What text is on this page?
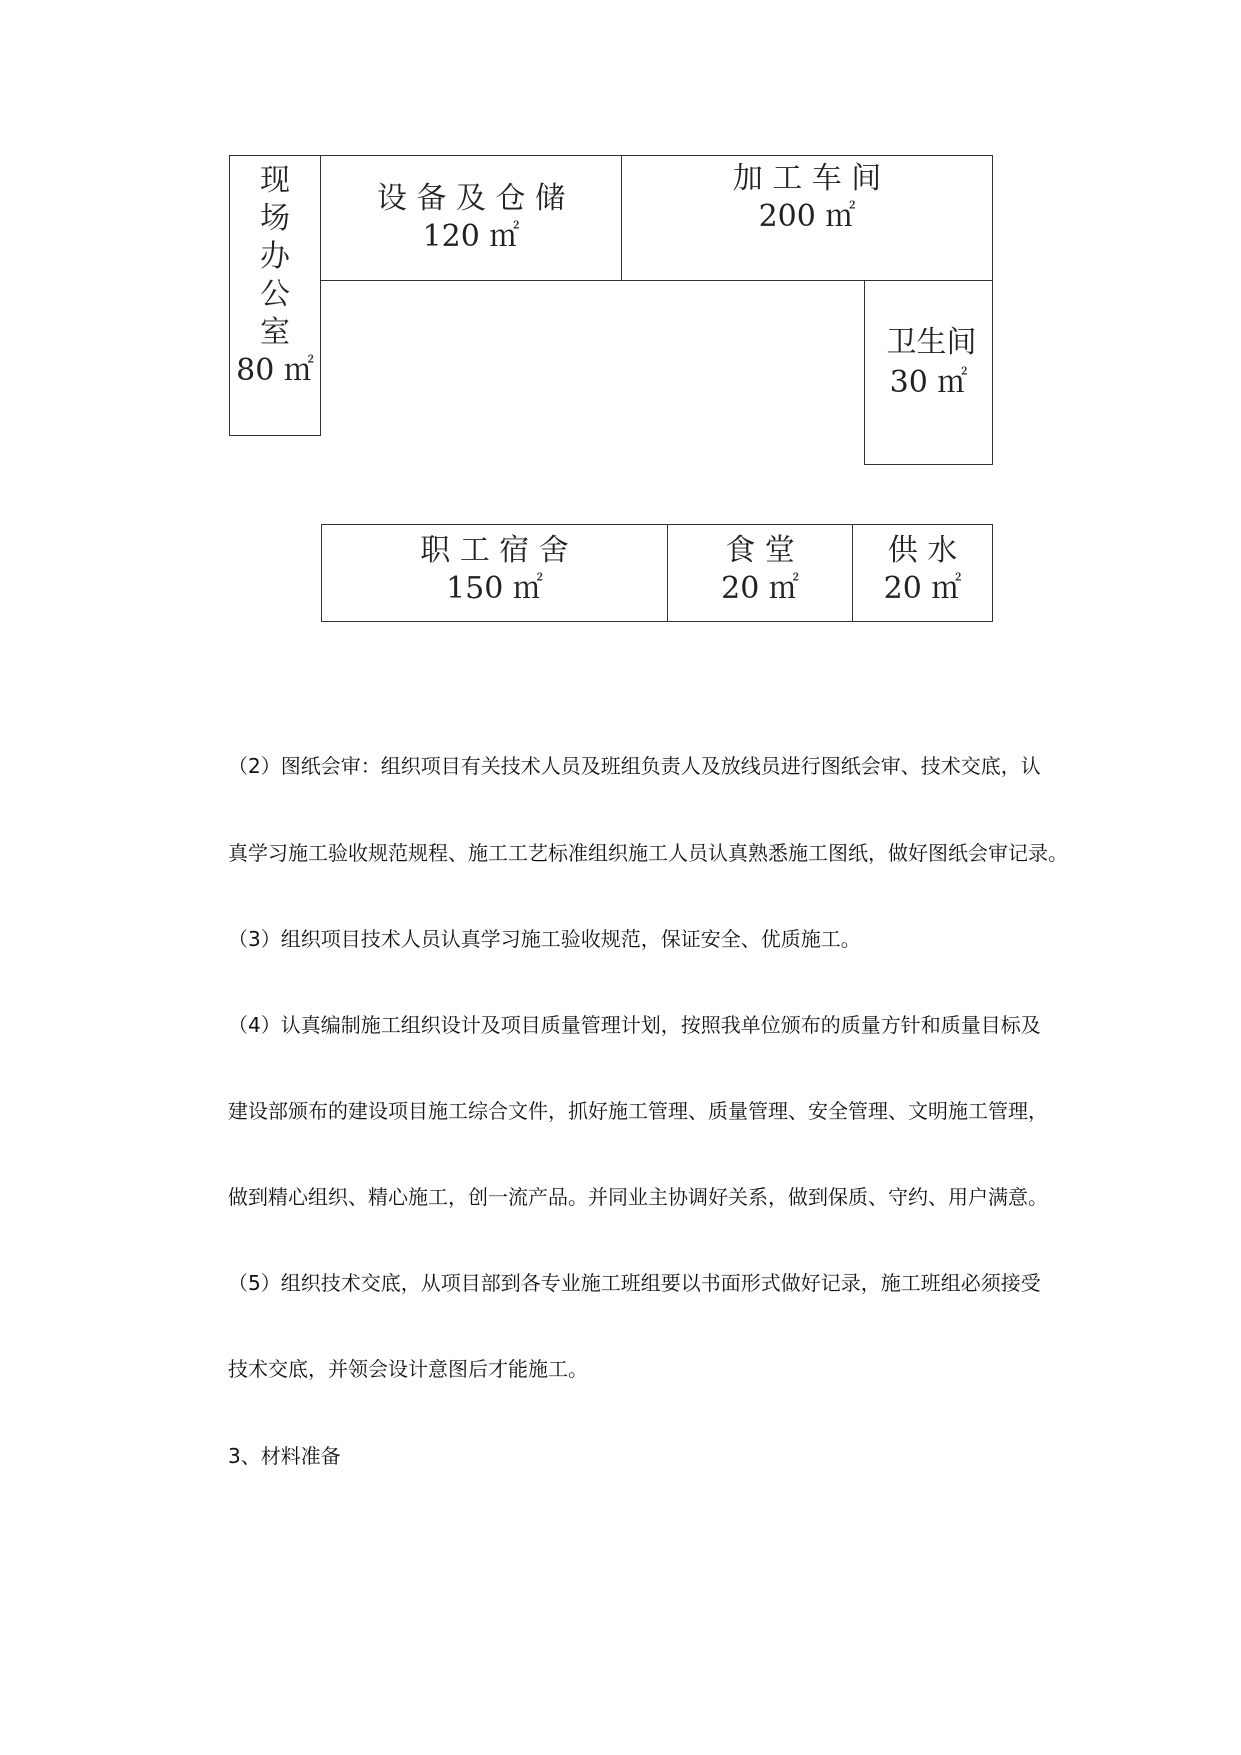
现
场
办
公
室
80 ㎡
设 备 及 仓 储
120 ㎡
加 工 车 间
200 ㎡
卫生间
30 ㎡
职 工 宿 舍
150 ㎡
食 堂
20 ㎡
供 水
20 ㎡
（2）图纸会审：组织项目有关技术人员及班组负责人及放线员进行图纸会审、技术交底，认
真学习施工验收规范规程、施工工艺标准组织施工人员认真熟悉施工图纸，做好图纸会审记录。
（3）组织项目技术人员认真学习施工验收规范，保证安全、优质施工。
（4）认真编制施工组织设计及项目质量管理计划，按照我单位颁布的质量方针和质量目标及
建设部颁布的建设项目施工综合文件，抓好施工管理、质量管理、安全管理、文明施工管理，
做到精心组织、精心施工，创一流产品。并同业主协调好关系，做到保质、守约、用户满意。
（5）组织技术交底，从项目部到各专业施工班组要以书面形式做好记录，施工班组必须接受
技术交底，并领会设计意图后才能施工。
3、材料准备
